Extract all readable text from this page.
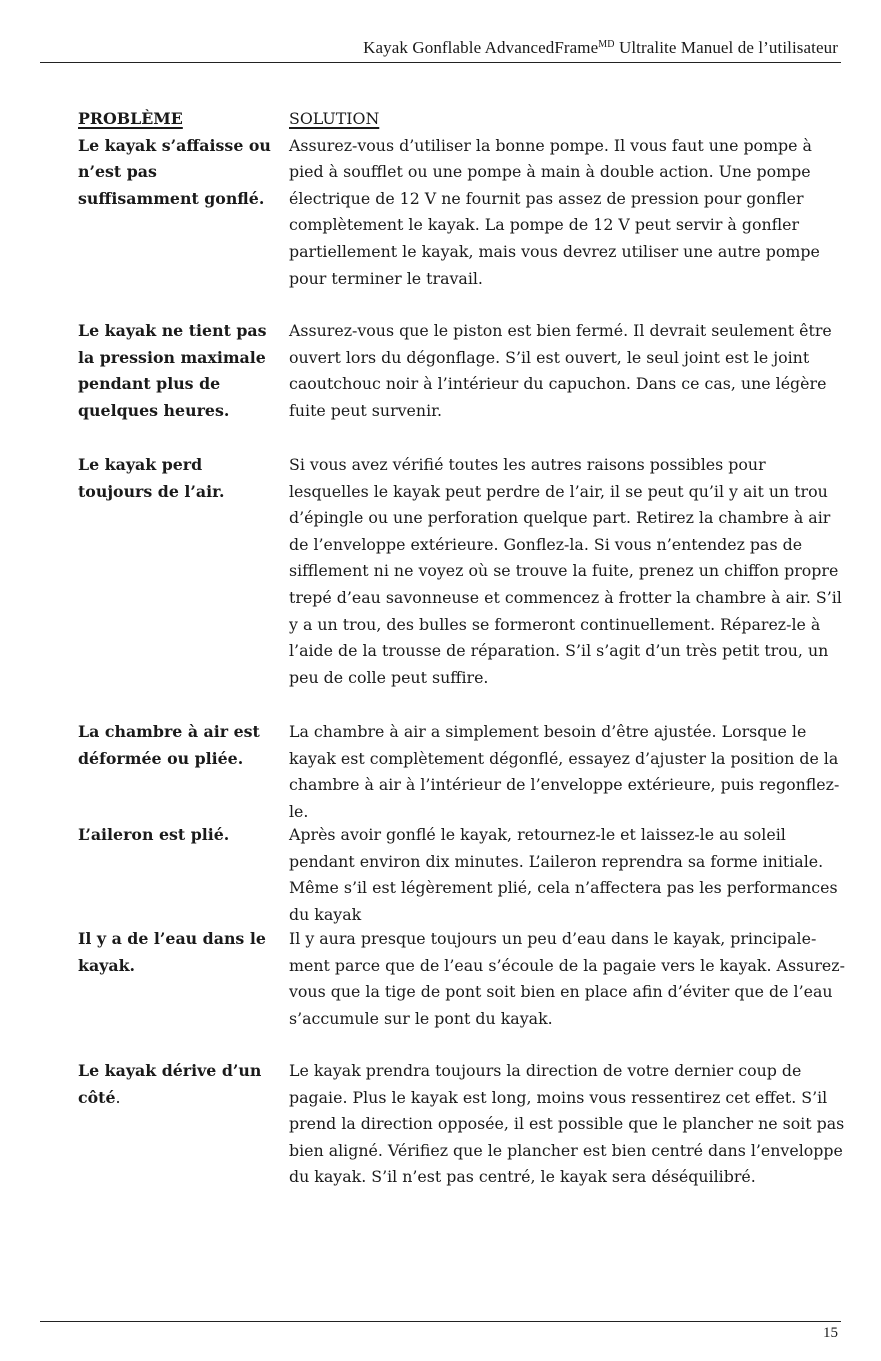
Kayak Gonflable AdvancedFrame$^{MD}$ Ultralite Manuel de l’utilisateur
PROBLÈME
Le kayak s’affaisse ou n’est pas suffisamment gonflé.
SOLUTION
Assurez-vous d’utiliser la bonne pompe. Il vous faut une pompe à pied à soufflet ou une pompe à main à double action. Une pompe électrique de 12 V ne fournit pas assez de pression pour gonfler complètement le kayak. La pompe de 12 V peut servir à gonfler partiellement le kayak, mais vous devrez utiliser une autre pompe pour terminer le travail.
Le kayak ne tient pas la pression maximale pendant plus de quelques heures.
Assurez-vous que le piston est bien fermé. Il devrait seulement être ouvert lors du dégonflage. S’il est ouvert, le seul joint est le joint caoutchouc noir à l’intérieur du capuchon. Dans ce cas, une légère fuite peut survenir.
Le kayak perd toujours de l’air.
Si vous avez vérifié toutes les autres raisons possibles pour lesquelles le kayak peut perdre de l’air, il se peut qu’il y ait un trou d’épingle ou une perforation quelque part. Retirez la chambre à air de l’enveloppe extérieure. Gonflez-la. Si vous n’entendez pas de sifflement ni ne voyez où se trouve la fuite, prenez un chiffon propre trepé d’eau savonneuse et commencez à frotter la chambre à air. S’il y a un trou, des bulles se formeront continuellement. Réparez-le à l’aide de la trousse de réparation. S’il s’agit d’un très petit trou, un peu de colle peut suffire.
La chambre à air est déformée ou pliée.
La chambre à air a simplement besoin d’être ajustée. Lorsque le kayak est complètement dégonflé, essayez d’ajuster la position de la chambre à air à l’intérieur de l’enveloppe extérieure, puis regonflez-le.
L’aileron est plié.	Après avoir gonflé le kayak, retournez-le et laissez-le au soleil pendant environ dix minutes. L’aileron reprendra sa forme initiale. Même s’il est légèrement plié, cela n’affectera pas les performances du kayak
Il y a de l’eau dans le kayak.
Il y aura presque toujours un peu d’eau dans le kayak, principale-ment parce que de l’eau s’écoule de la pagaie vers le kayak. Assurez-vous que la tige de pont soit bien en place afin d’éviter que de l’eau s’accumule sur le pont du kayak.
Le kayak dérive d’un côté.
Le kayak prendra toujours la direction de votre dernier coup de pagaie. Plus le kayak est long, moins vous ressentirez cet effet. S’il prend la direction opposée, il est possible que le plancher ne soit pas bien aligné. Vérifiez que le plancher est bien centré dans l’enveloppe du kayak. S’il n’est pas centré, le kayak sera déséquilibré.
15
